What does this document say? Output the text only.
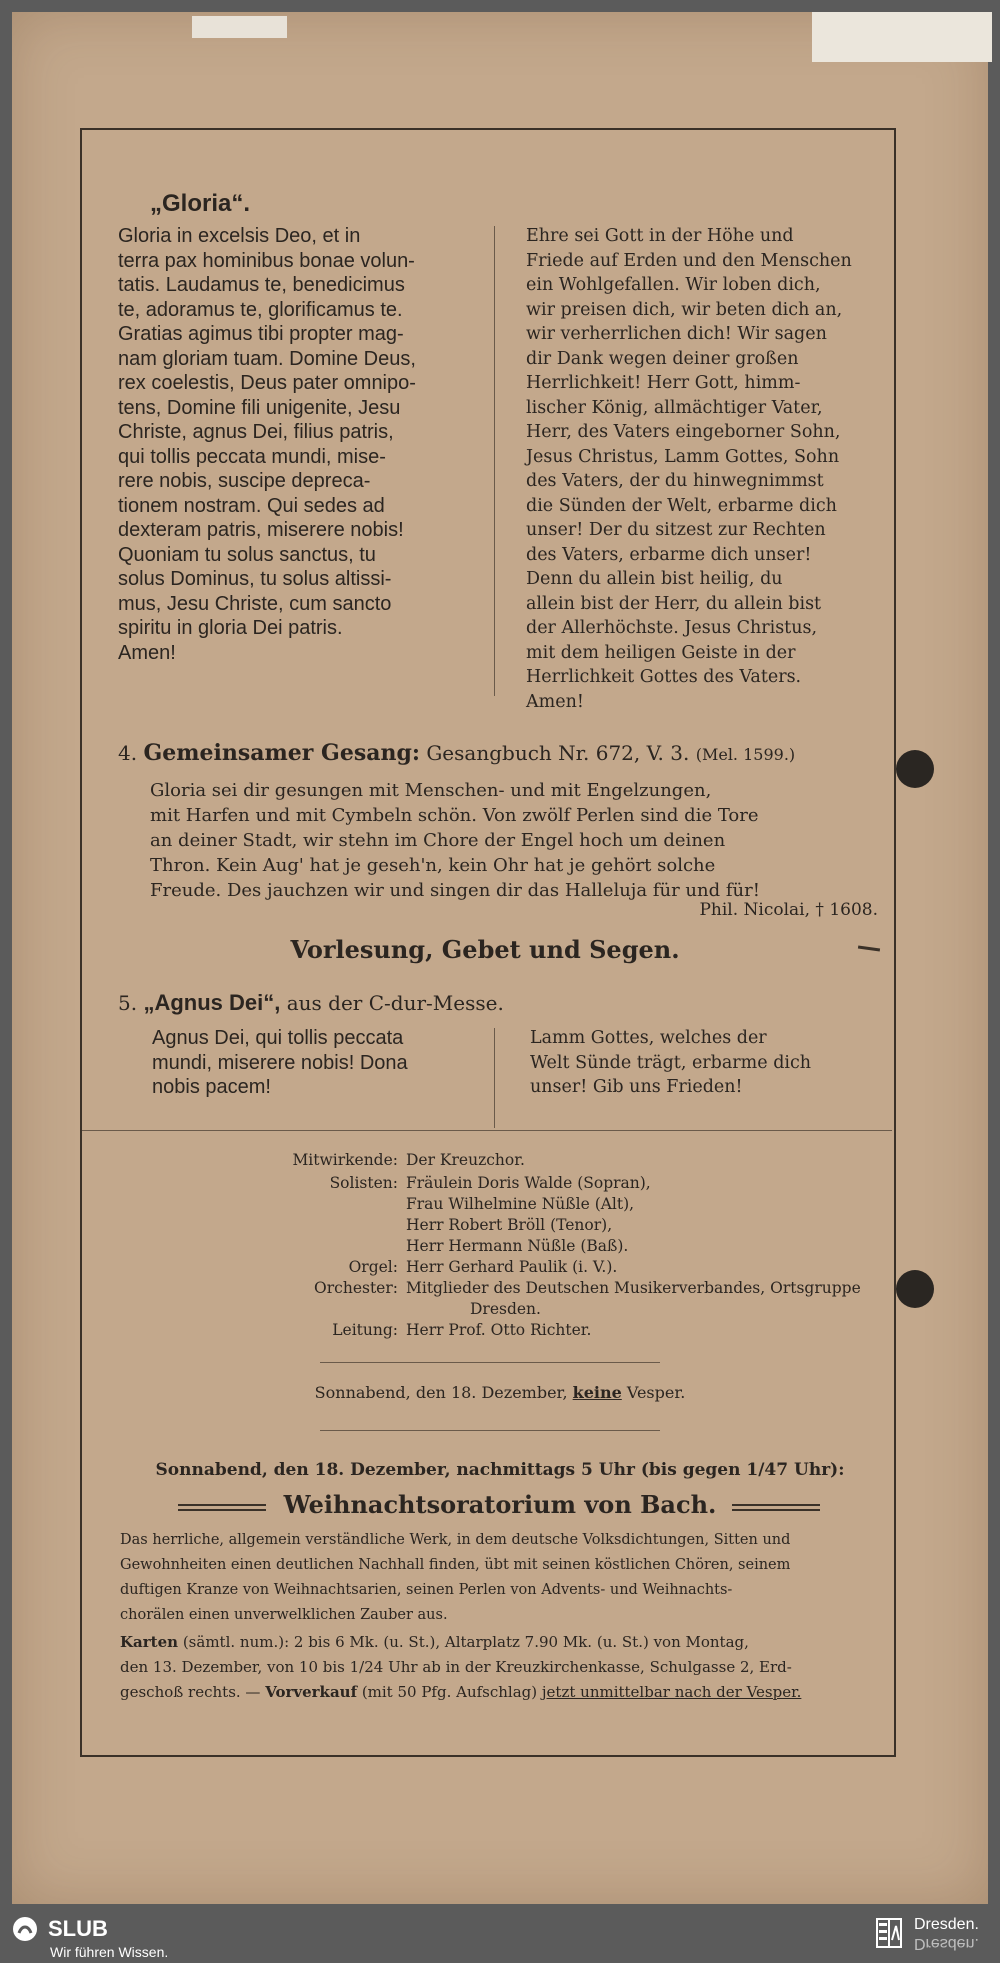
„Gloria“.
Gloria in excelsis Deo, et in
terra pax hominibus bonae volun-
tatis. Laudamus te, benedicimus
te, adoramus te, glorificamus te.
Gratias agimus tibi propter mag-
nam gloriam tuam. Domine Deus,
rex coelestis, Deus pater omnipo-
tens, Domine fili unigenite, Jesu
Christe, agnus Dei, filius patris,
qui tollis peccata mundi, mise-
rere nobis, suscipe depreca-
tionem nostram. Qui sedes ad
dexteram patris, miserere nobis!
Quoniam tu solus sanctus, tu
solus Dominus, tu solus altissi-
mus, Jesu Christe, cum sancto
spiritu in gloria Dei patris.
Amen!
Ehre sei Gott in der Höhe und
Friede auf Erden und den Menschen
ein Wohlgefallen. Wir loben dich,
wir preisen dich, wir beten dich an,
wir verherrlichen dich! Wir sagen
dir Dank wegen deiner großen
Herrlichkeit! Herr Gott, himm-
lischer König, allmächtiger Vater,
Herr, des Vaters eingeborner Sohn,
Jesus Christus, Lamm Gottes, Sohn
des Vaters, der du hinwegnimmst
die Sünden der Welt, erbarme dich
unser! Der du sitzest zur Rechten
des Vaters, erbarme dich unser!
Denn du allein bist heilig, du
allein bist der Herr, du allein bist
der Allerhöchste. Jesus Christus,
mit dem heiligen Geiste in der
Herrlichkeit Gottes des Vaters.
Amen!
4. Gemeinsamer Gesang: Gesangbuch Nr. 672, V. 3. (Mel. 1599.)
Gloria sei dir gesungen mit Menschen- und mit Engelzungen,
mit Harfen und mit Cymbeln schön. Von zwölf Perlen sind die Tore
an deiner Stadt, wir stehn im Chore der Engel hoch um deinen
Thron. Kein Aug' hat je geseh'n, kein Ohr hat je gehört solche
Freude. Des jauchzen wir und singen dir das Halleluja für und für!
Phil. Nicolai, † 1608.
Vorlesung, Gebet und Segen.
5. „Agnus Dei“, aus der C-dur-Messe.
Agnus Dei, qui tollis peccata
mundi, miserere nobis! Dona
nobis pacem!
Lamm Gottes, welches der
Welt Sünde trägt, erbarme dich
unser! Gib uns Frieden!
Mitwirkende: Der Kreuzchor.
Solisten: Fräulein Doris Walde (Sopran),
Frau Wilhelmine Nüßle (Alt),
Herr Robert Bröll (Tenor),
Herr Hermann Nüßle (Baß).
Orgel: Herr Gerhard Paulik (i. V.).
Orchester: Mitglieder des Deutschen Musikerverbandes, Ortsgruppe
Dresden.
Leitung: Herr Prof. Otto Richter.
Sonnabend, den 18. Dezember, keine Vesper.
Sonnabend, den 18. Dezember, nachmittags 5 Uhr (bis gegen 1/47 Uhr):
Weihnachtsoratorium von Bach.
Das herrliche, allgemein verständliche Werk, in dem deutsche Volksdichtungen, Sitten und
Gewohnheiten einen deutlichen Nachhall finden, übt mit seinen köstlichen Chören, seinem
duftigen Kranze von Weihnachtsarien, seinen Perlen von Advents- und Weihnachts-
chorälen einen unverwelklichen Zauber aus.
Karten (sämtl. num.): 2 bis 6 Mk. (u. St.), Altarplatz 7.90 Mk. (u. St.) von Montag,
den 13. Dezember, von 10 bis 1/24 Uhr ab in der Kreuzkirchenkasse, Schulgasse 2, Erd-
geschoß rechts. — Vorverkauf (mit 50 Pfg. Aufschlag) jetzt unmittelbar nach der Vesper.
SLUB
Wir führen Wissen.
Dresden.
Dresden.
